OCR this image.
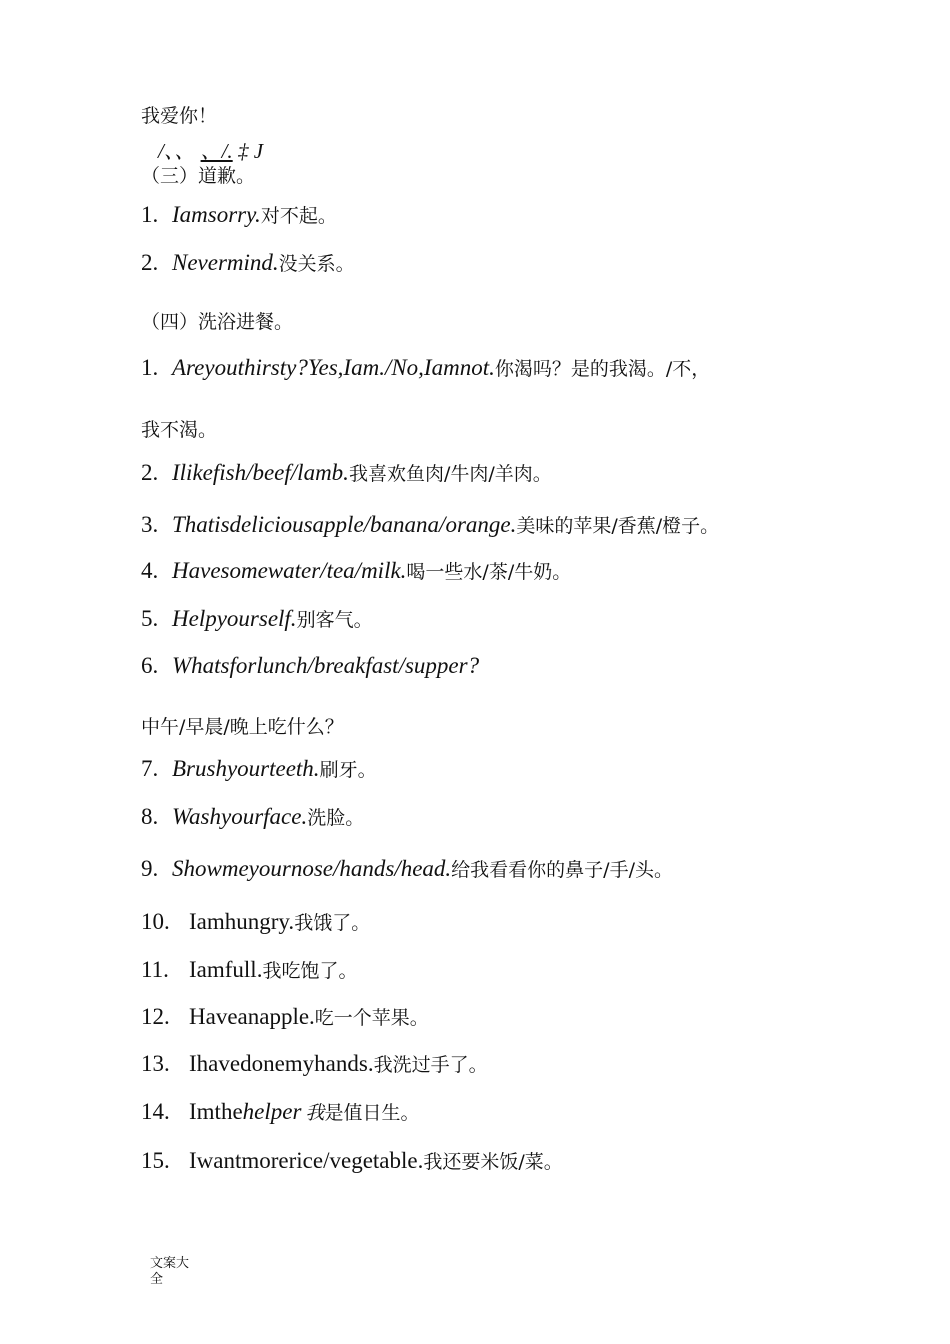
我爱你！
/、、 、/. ‡ J
（三）道歉。
1. Iamsorry.对不起。
2. Nevermind.没关系。
（四）洗浴进餐。
1. Areyouthirsty?Yes,Iam./No,Iamnot.你渴吗？是的我渴。/不，
我不渴。
2. Ilikefish/beef/lamb.我喜欢鱼肉/牛肉/羊肉。
3. Thatisdeliciousapple/banana/orange.美味的苹果/香蕉/橙子。
4. Havesomewater/tea/milk.喝一些水/茶/牛奶。
5. Helpyourself.别客气。
6. Whatsforlunch/breakfast/supper?
中午/早晨/晚上吃什么？
7. Brushyourteeth.刷牙。
8. Washyourface.洗脸。
9. Showmeyournose/hands/head.给我看看你的鼻子/手/头。
10. Iamhungry.我饿了。
11. Iamfull.我吃饱了。
12. Haveanapple.吃一个苹果。
13. Ihavedonemyhands.我洗过手了。
14. Imthehelper 我是值日生。
15. Iwantmorerice/vegetable.我还要米饭/菜。
文案大全
